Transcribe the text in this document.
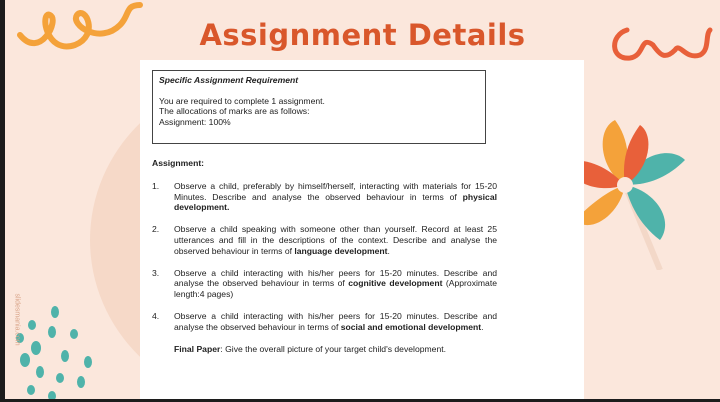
slidesmania.com
Assignment Details
Specific Assignment Requirement
You are required to complete 1 assignment.
The allocations of marks are as follows:
Assignment: 100%
Assignment:
1.	Observe a child, preferably by himself/herself, interacting with materials for 15-20 Minutes. Describe and analyse the observed behaviour in terms of physical development.
2.	Observe a child speaking with someone other than yourself. Record at least 25 utterances and fill in the descriptions of the context. Describe and analyse the observed behaviour in terms of language development.
3.	Observe a child interacting with his/her peers for 15-20 minutes. Describe and analyse the observed behaviour in terms of cognitive development (Approximate length:4 pages)
4.	Observe a child interacting with his/her peers for 15-20 minutes. Describe and analyse the observed behaviour in terms of social and emotional development.
Final Paper: Give the overall picture of your target child's development.
